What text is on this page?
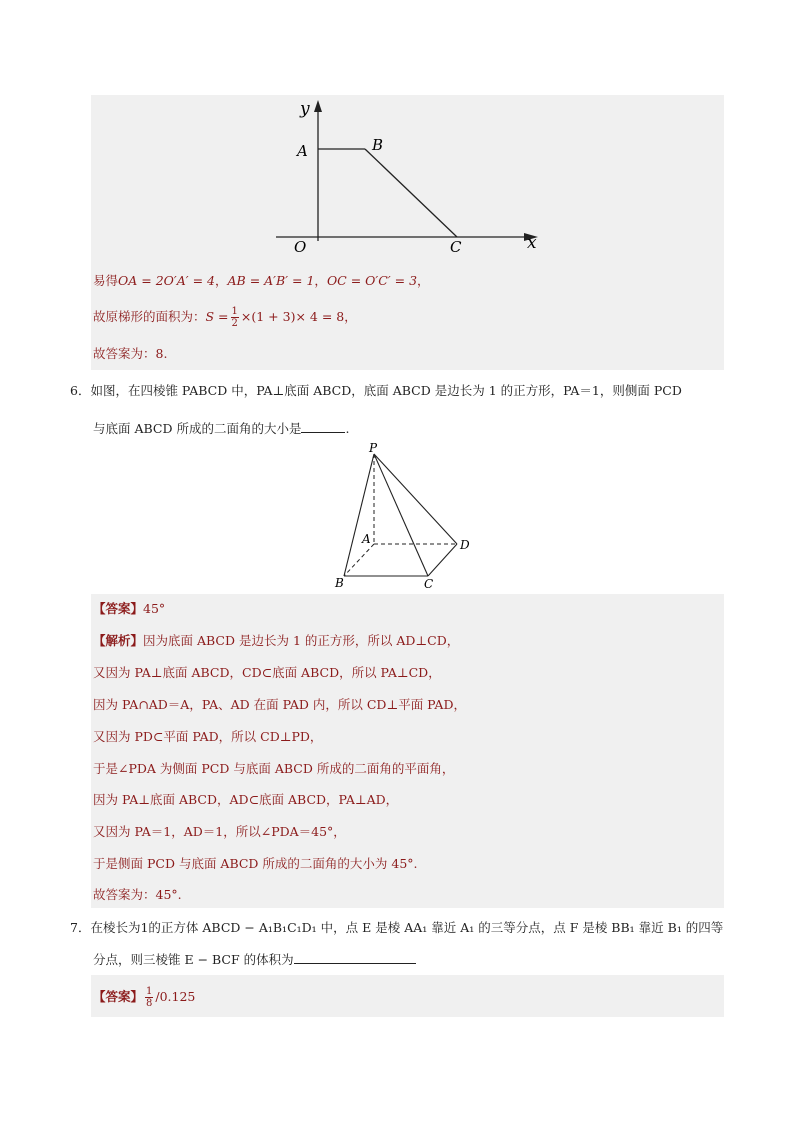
y
A	B
O	C	x
易得OA = 2O′A′ = 4，AB = A′B′ = 1，OC = O′C′ = 3，
故原梯形的面积为：$S = \frac{1}{2} \times(1 + 3)\times 4 = 8$，
故答案为：8.
6．如图，在四棱锥 PABCD 中，PA⊥底面 ABCD，底面 ABCD 是边长为 1 的正方形，PA＝1，则侧面 PCD
与底面 ABCD 所成的二面角的大小是	.
P
A	D
B	C
【答案】45°
【解析】因为底面 ABCD 是边长为 1 的正方形，所以 AD⊥CD，
又因为 PA⊥底面 ABCD，CD⊂底面 ABCD，所以 PA⊥CD，
因为 PA∩AD＝A，PA、AD 在面 PAD 内，所以 CD⊥平面 PAD，
又因为 PD⊂平面 PAD，所以 CD⊥PD，
于是∠PDA 为侧面 PCD 与底面 ABCD 所成的二面角的平面角，
因为 PA⊥底面 ABCD，AD⊂底面 ABCD，PA⊥AD，
又因为 PA＝1，AD＝1，所以∠PDA＝45°，
于是侧面 PCD 与底面 ABCD 所成的二面角的大小为 45°.
故答案为：45°.
7．在棱长为1的正方体 ABCD − A₁B₁C₁D₁ 中，点 E 是棱 AA₁ 靠近 A₁ 的三等分点，点 F 是棱 BB₁ 靠近 B₁ 的四等
分点，则三棱锥 E − BCF 的体积为
【答案】 $\frac{1}{8} /0.125$
